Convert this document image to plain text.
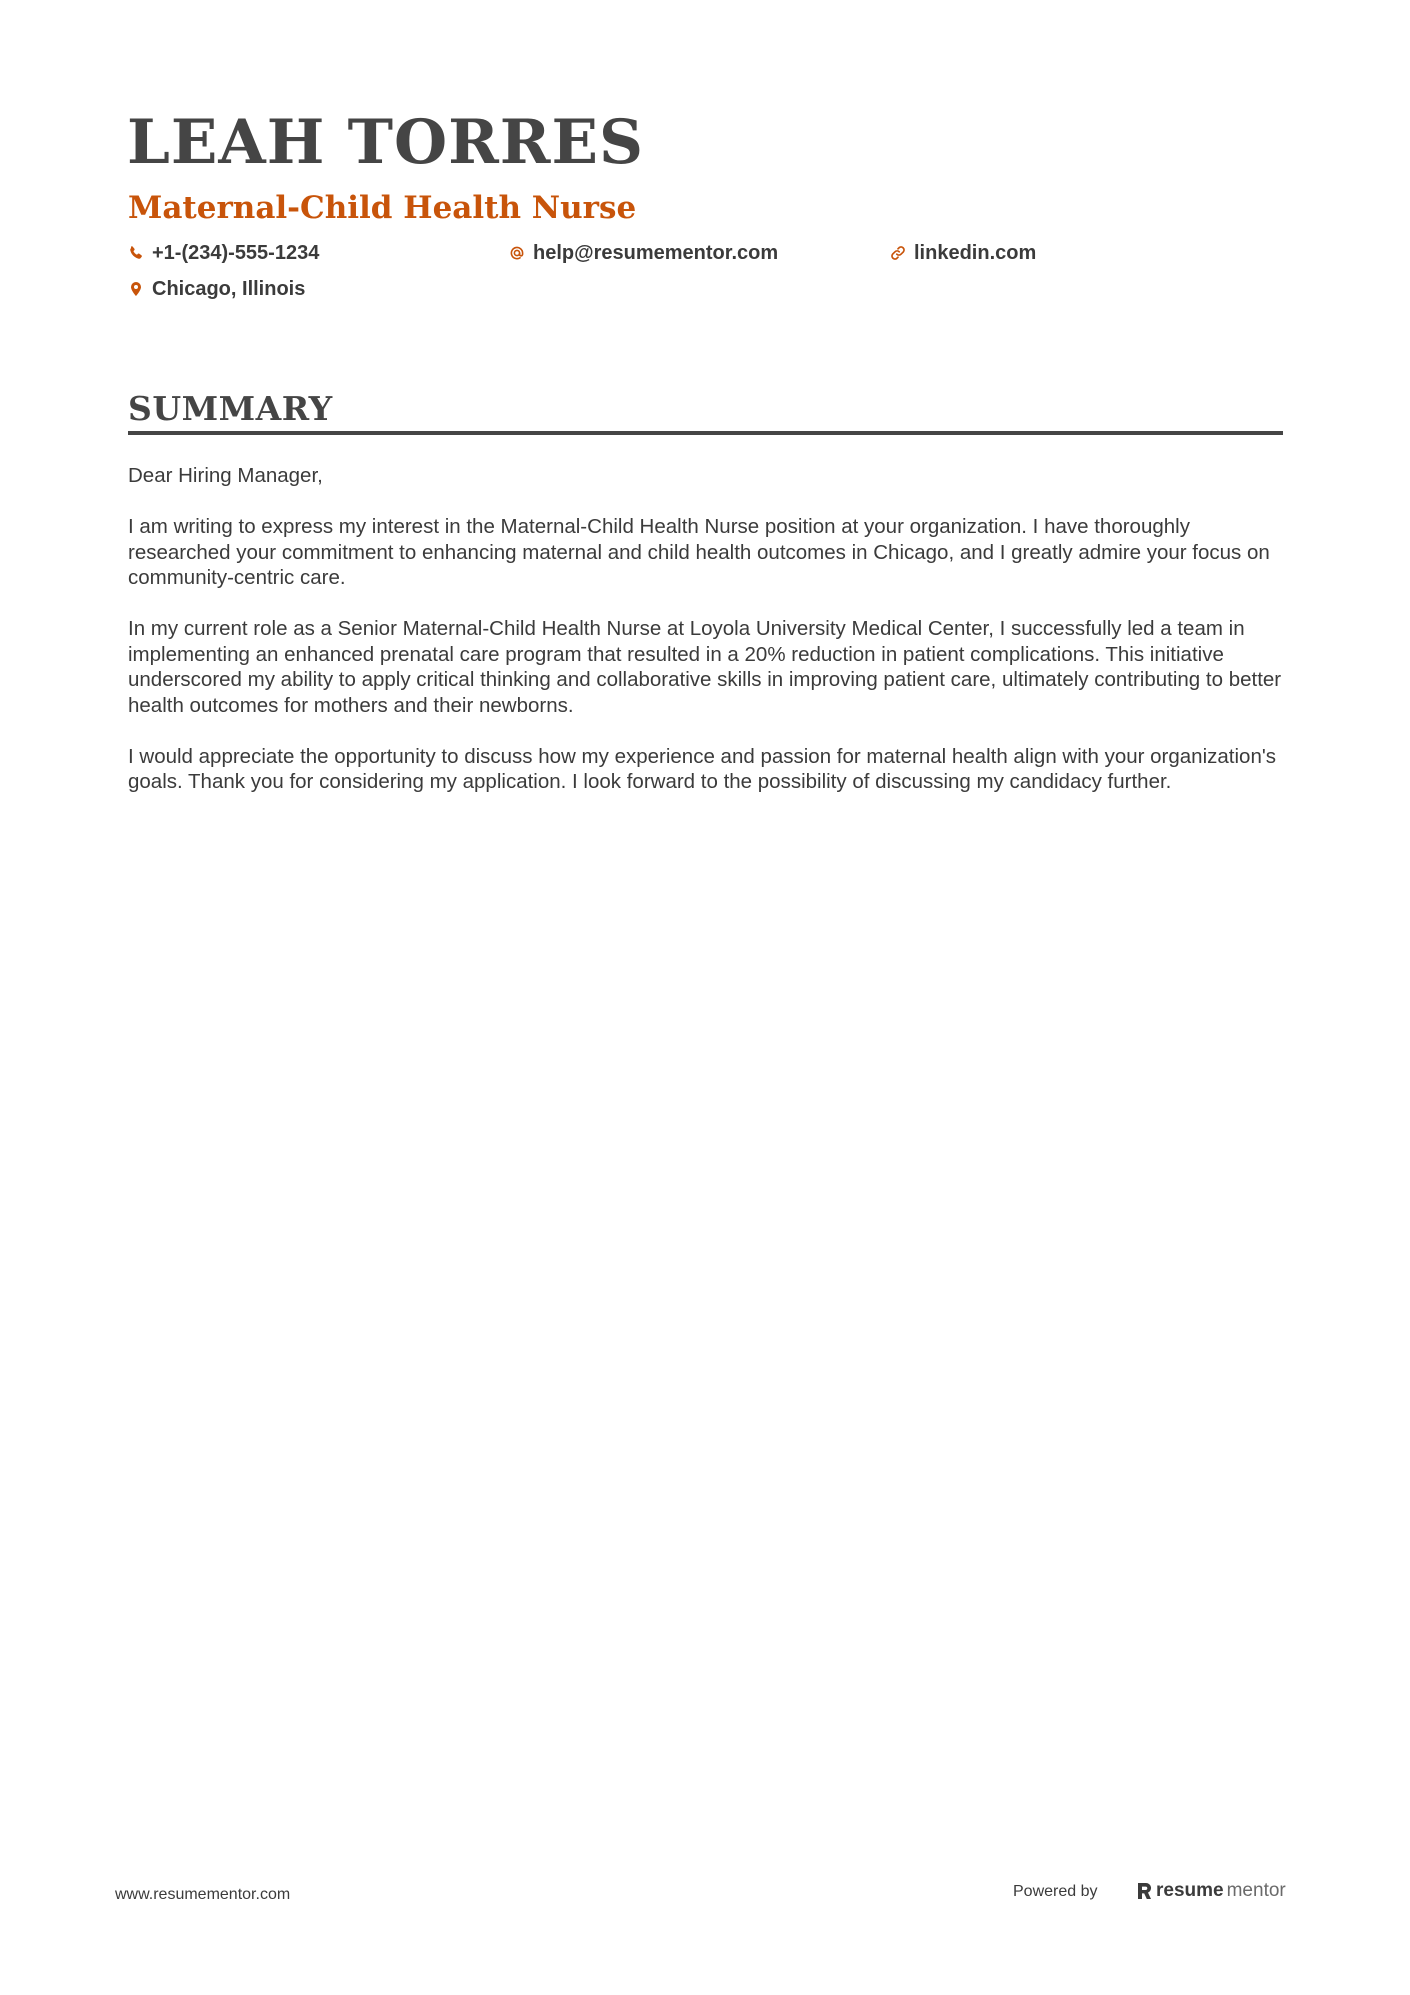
LEAH TORRES
Maternal-Child Health Nurse
+1-(234)-555-1234	help@resumementor.com	linkedin.com
Chicago, Illinois
SUMMARY

Dear Hiring Manager,

I am writing to express my interest in the Maternal-Child Health Nurse position at your organization. I have thoroughly researched your commitment to enhancing maternal and child health outcomes in Chicago, and I greatly admire your focus on community-centric care.

In my current role as a Senior Maternal-Child Health Nurse at Loyola University Medical Center, I successfully led a team in implementing an enhanced prenatal care program that resulted in a 20% reduction in patient complications. This initiative underscored my ability to apply critical thinking and collaborative skills in improving patient care, ultimately contributing to better health outcomes for mothers and their newborns.

I would appreciate the opportunity to discuss how my experience and passion for maternal health align with your organization's goals. Thank you for considering my application. I look forward to the possibility of discussing my candidacy further.

www.resumementor.com	Powered by	resume mentor
